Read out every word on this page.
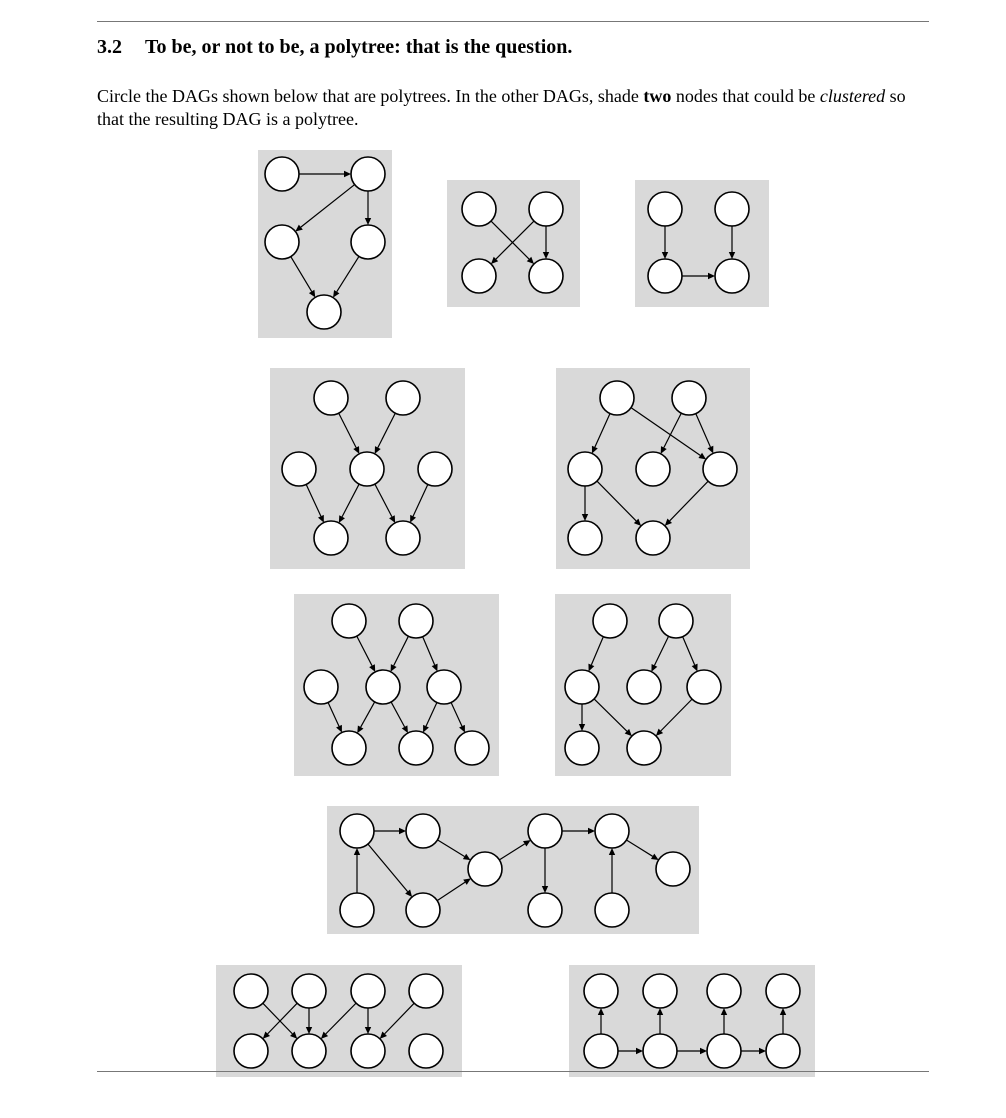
3.2 To be, or not to be, a polytree: that is the question.
Circle the DAGs shown below that are polytrees. In the other DAGs, shade two nodes that could be clustered so that the resulting DAG is a polytree.
